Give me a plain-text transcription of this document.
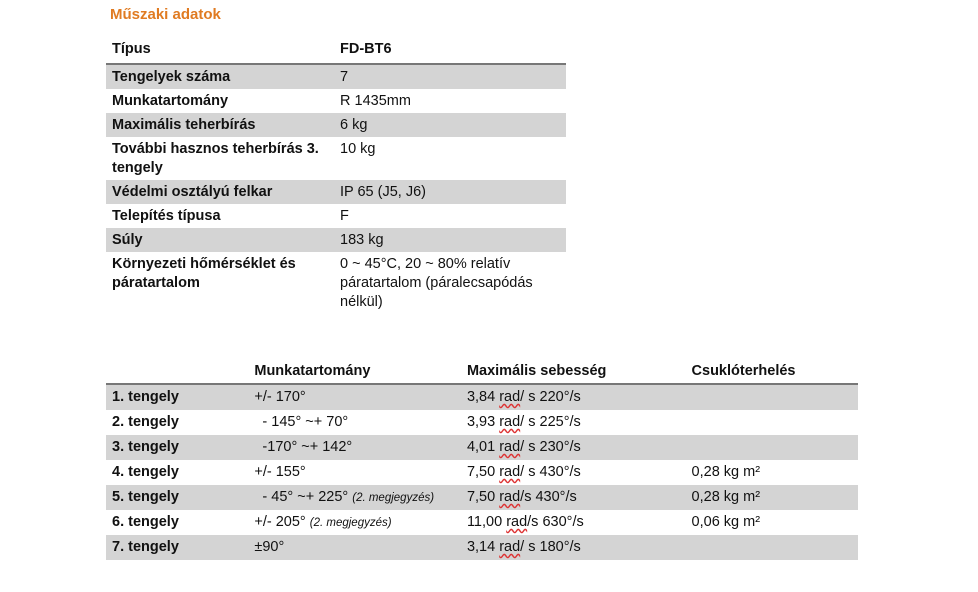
Műszaki adatok
Típus	FD-BT6
Tengelyek száma	7
Munkatartomány	R 1435mm
Maximális teherbírás	6 kg
További hasznos teherbírás 3. tengely	10 kg
Védelmi osztályú felkar	IP 65 (J5, J6)
Telepítés típusa	F
Súly	183 kg
Környezeti hőmérséklet és páratartalom	0 ~ 45°C, 20 ~ 80% relatív páratartalom (páralecsapódás nélkül)
	Munkatartomány	Maximális sebesség	Csuklóterhelés
1. tengely	+/- 170°	3,84 rad/ s 220°/s	
2. tengely	- 145° ~+ 70°	3,93 rad/ s 225°/s	
3. tengely	-170° ~+ 142°	4,01 rad/ s 230°/s	
4. tengely	+/- 155°	7,50 rad/ s 430°/s	0,28 kg m²
5. tengely	- 45° ~+ 225° (2. megjegyzés)	7,50 rad/s 430°/s	0,28 kg m²
6. tengely	+/- 205° (2. megjegyzés)	11,00 rad/s 630°/s	0,06 kg m²
7. tengely	±90°	3,14 rad/ s 180°/s	
